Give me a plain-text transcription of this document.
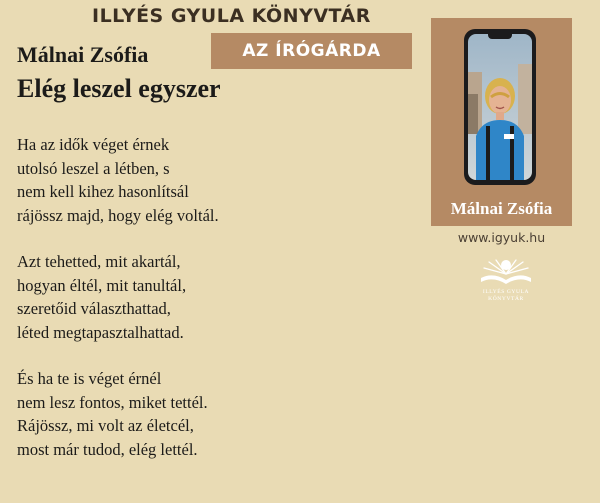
ILLYÉS GYULA KÖNYVTÁR
AZ ÍRÓGÁRDA
Málnai Zsófia
Elég leszel egyszer
Ha az idők véget érnek
utolsó leszel a létben, s
nem kell kihez hasonlítsál
rájössz majd, hogy elég voltál.
Azt tehetted, mit akartál,
hogyan éltél, mit tanultál,
szeretőid választhattad,
léted megtapasztalhattad.
És ha te is véget érnél
nem lesz fontos, miket tettél.
Rájössz, mi volt az életcél,
most már tudod, elég lettél.
Málnai Zsófia
www.igyuk.hu
ILLYÉS GYULA
KÖNYVTÁR
